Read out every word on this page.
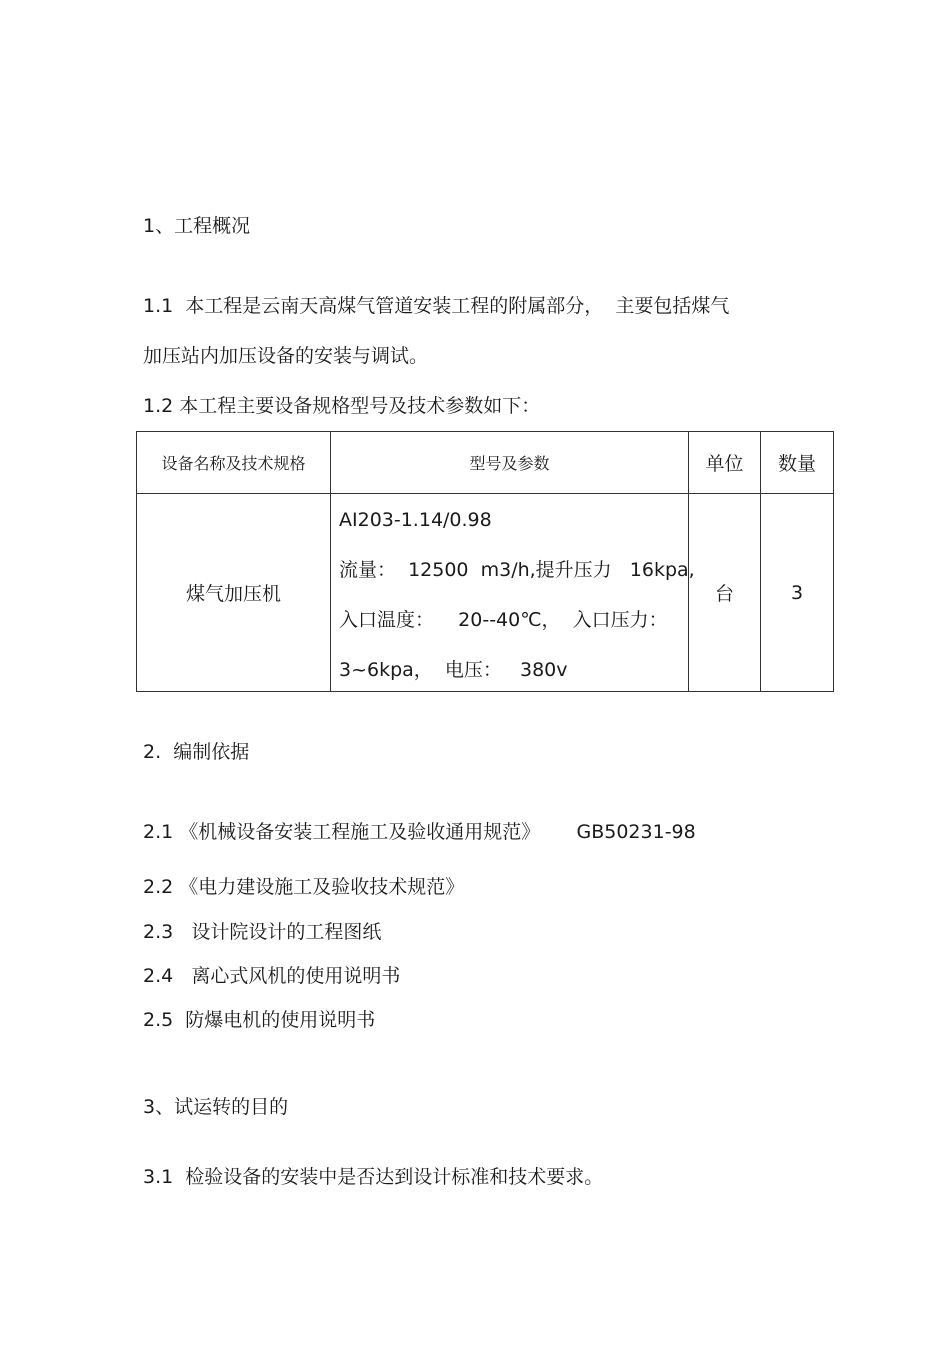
1、工程概况
1.1  本工程是云南天高煤气管道安装工程的附属部分，  主要包括煤气
加压站内加压设备的安装与调试。
1.2 本工程主要设备规格型号及技术参数如下：
设备名称及技术规格	型号及参数	单位	数量
煤气加压机	AI203-1.14/0.98
流量：  12500  m3/h,提升压力   16kpa,
入口温度：    20--40℃，  入口压力：
3~6kpa，  电压：   380v	台	3
2.  编制依据
2.1 《机械设备安装工程施工及验收通用规范》      GB50231-98
2.2 《电力建设施工及验收技术规范》
2.3   设计院设计的工程图纸
2.4   离心式风机的使用说明书
2.5  防爆电机的使用说明书
3、试运转的目的
3.1  检验设备的安装中是否达到设计标准和技术要求。
